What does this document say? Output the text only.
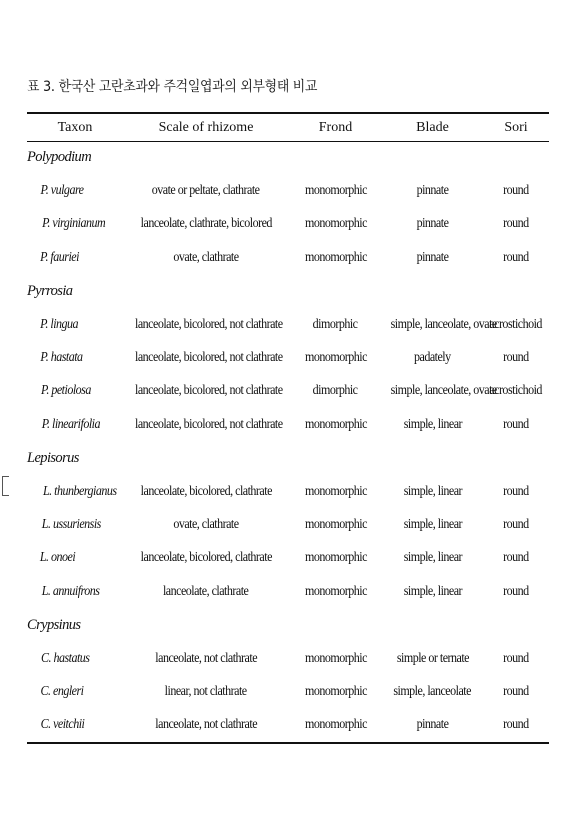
표 3. 한국산 고란초과와 주걱일엽과의 외부형태 비교
Taxon	Scale of rhizome	Frond	Blade	Sori
Polypodium				
P. vulgare	ovate or peltate, clathrate	monomorphic	pinnate	round
P. virginianum	lanceolate, clathrate, bicolored	monomorphic	pinnate	round
P. fauriei	ovate, clathrate	monomorphic	pinnate	round
Pyrrosia				
P. lingua	lanceolate, bicolored, not clathrate	dimorphic	simple, lanceolate, ovate	acrostichoid
P. hastata	lanceolate, bicolored, not clathrate	monomorphic	padately	round
P. petiolosa	lanceolate, bicolored, not clathrate	dimorphic	simple, lanceolate, ovate	acrostichoid
P. linearifolia	lanceolate, bicolored, not clathrate	monomorphic	simple, linear	round
Lepisorus				
L. thunbergianus	lanceolate, bicolored, clathrate	monomorphic	simple, linear	round
L. ussuriensis	ovate, clathrate	monomorphic	simple, linear	round
L. onoei	lanceolate, bicolored, clathrate	monomorphic	simple, linear	round
L. annuifrons	lanceolate, clathrate	monomorphic	simple, linear	round
Crypsinus				
C. hastatus	lanceolate, not clathrate	monomorphic	simple or ternate	round
C. engleri	linear, not clathrate	monomorphic	simple, lanceolate	round
C. veitchii	lanceolate, not clathrate	monomorphic	pinnate	round
